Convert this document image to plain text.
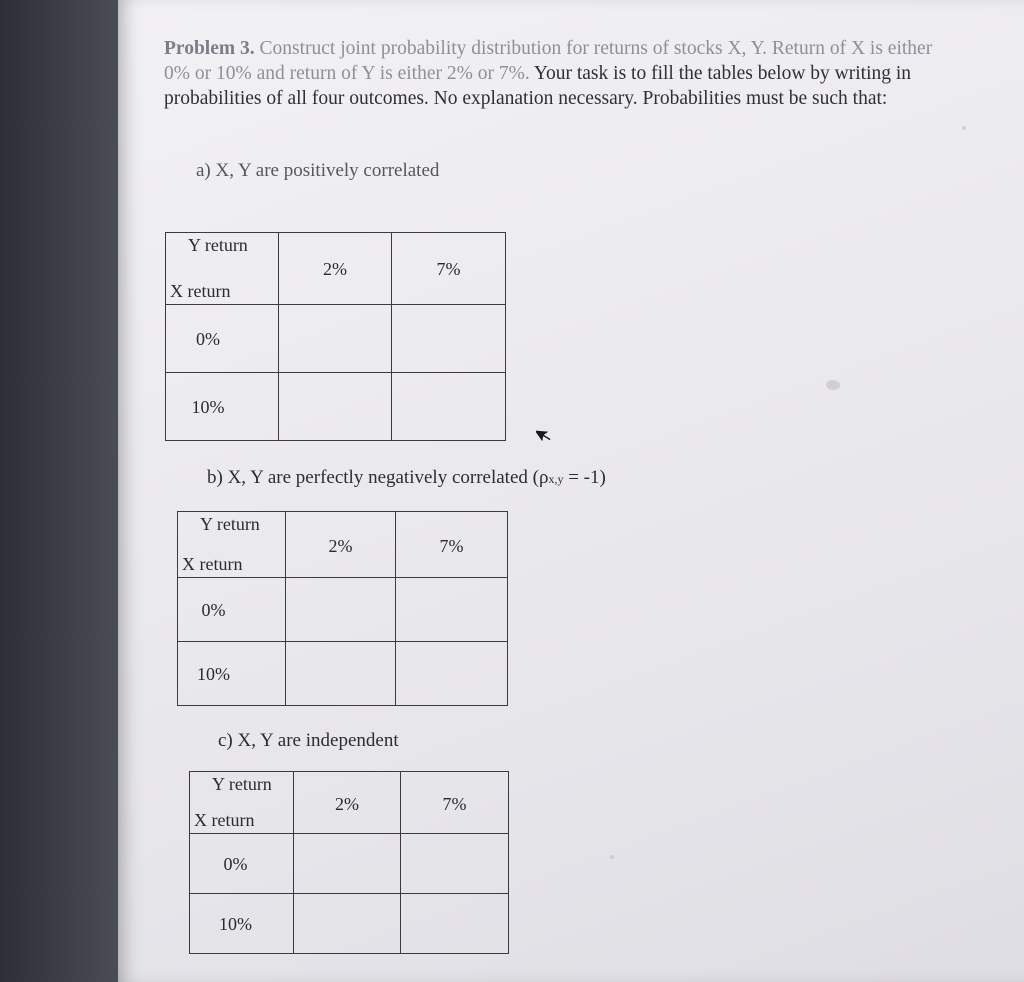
Problem 3. Construct joint probability distribution for returns of stocks X, Y. Return of X is either 0% or 10% and return of Y is either 2% or 7%. Your task is to fill the tables below by writing in probabilities of all four outcomes. No explanation necessary. Probabilities must be such that:
a) X, Y are positively correlated
Y return
X return	2%	7%

0%		

10%		

b) X, Y are perfectly negatively correlated (ρx,y = -1)
Y return
X return	2%	7%

0%		

10%		

c) X, Y are independent
Y return
X return	2%	7%

0%		

10%		
